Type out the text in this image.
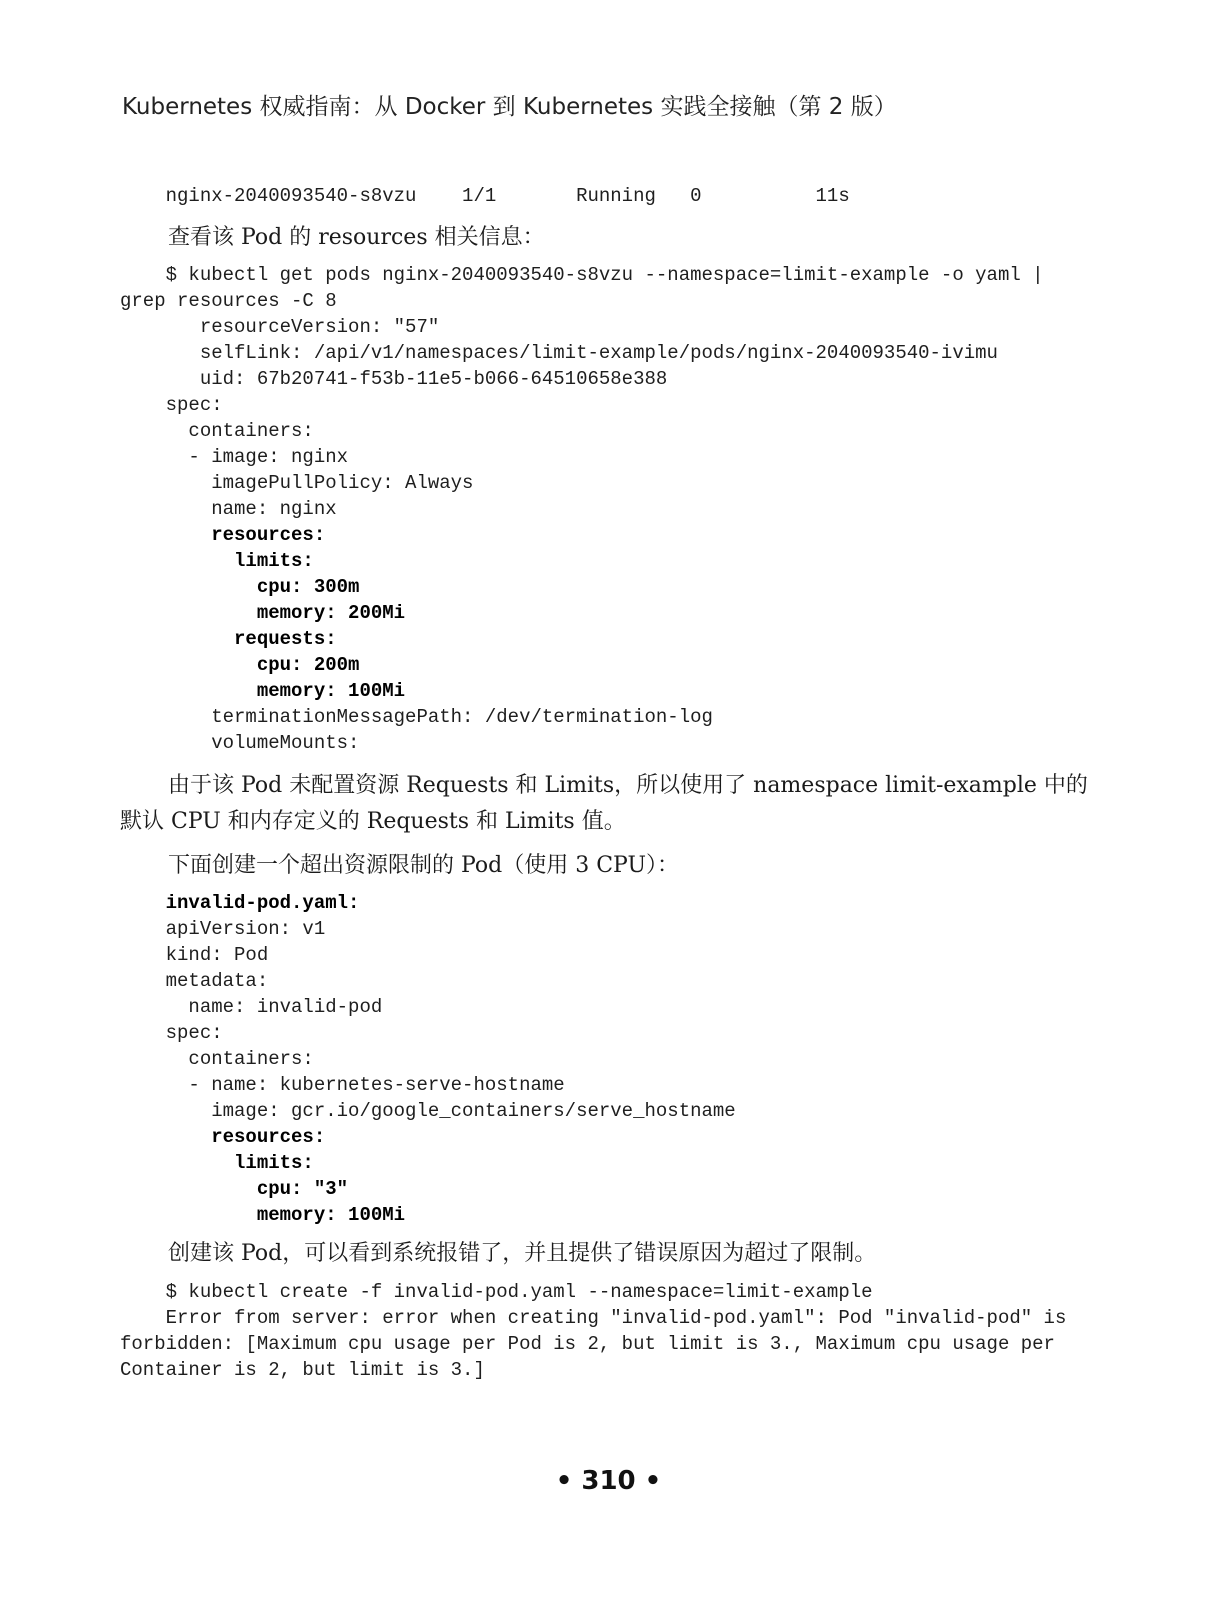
Kubernetes 权威指南：从 Docker 到 Kubernetes 实践全接触（第 2 版）
nginx-2040093540-s8vzu    1/1       Running   0          11s
查看该 Pod 的 resources 相关信息：
$ kubectl get pods nginx-2040093540-s8vzu --namespace=limit-example -o yaml |
grep resources -C 8
resourceVersion: "57"
selfLink: /api/v1/namespaces/limit-example/pods/nginx-2040093540-ivimu
uid: 67b20741-f53b-11e5-b066-64510658e388
spec:
containers:
- image: nginx
imagePullPolicy: Always
name: nginx
resources:
limits:
cpu: 300m
memory: 200Mi
requests:
cpu: 200m
memory: 100Mi
terminationMessagePath: /dev/termination-log
volumeMounts:
由于该 Pod 未配置资源 Requests 和 Limits，所以使用了 namespace limit-example 中的默认 CPU 和内存定义的 Requests 和 Limits 值。
下面创建一个超出资源限制的 Pod（使用 3 CPU）：
invalid-pod.yaml:
apiVersion: v1
kind: Pod
metadata:
name: invalid-pod
spec:
containers:
- name: kubernetes-serve-hostname
image: gcr.io/google_containers/serve_hostname
resources:
limits:
cpu: "3"
memory: 100Mi
创建该 Pod，可以看到系统报错了，并且提供了错误原因为超过了限制。
$ kubectl create -f invalid-pod.yaml --namespace=limit-example
Error from server: error when creating "invalid-pod.yaml": Pod "invalid-pod" is
forbidden: [Maximum cpu usage per Pod is 2, but limit is 3., Maximum cpu usage per
Container is 2, but limit is 3.]
• 310 •
